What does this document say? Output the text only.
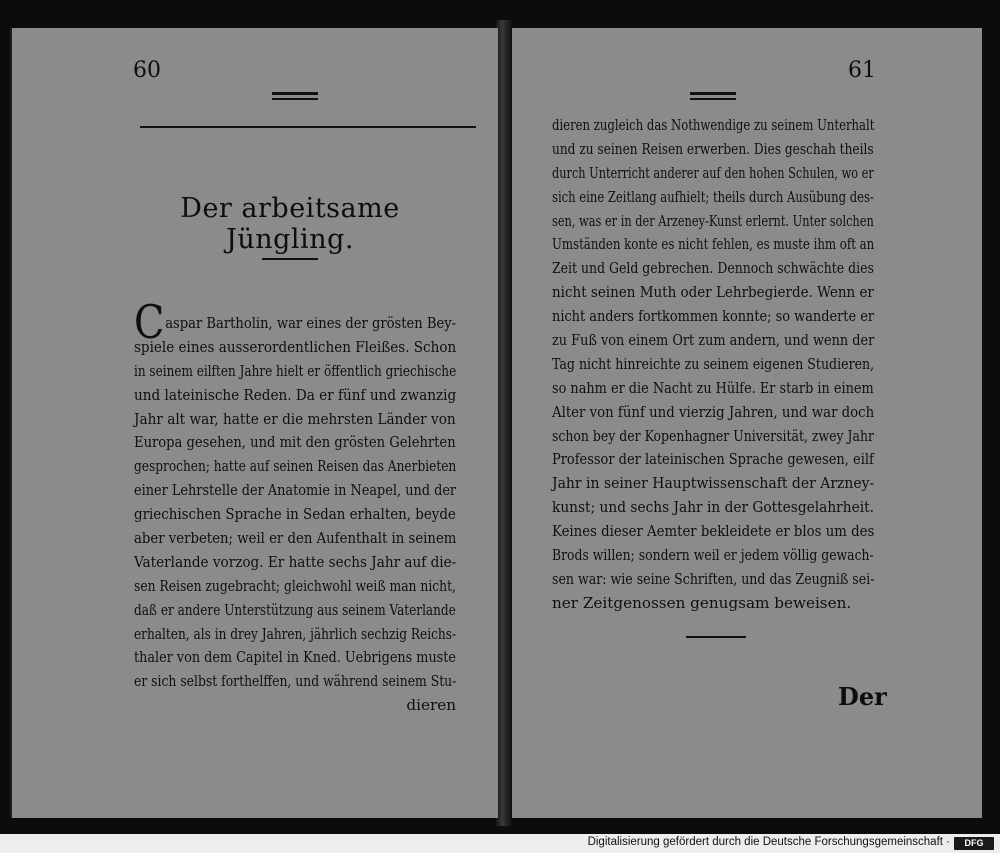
60
Der arbeitsame Jüngling.
C aspar Bartholin, war eines der grösten Bey-
spiele eines ausserordentlichen Fleißes. Schon
in seinem eilften Jahre hielt er öffentlich griechische
und lateinische Reden. Da er fünf und zwanzig
Jahr alt war, hatte er die mehrsten Länder von
Europa gesehen, und mit den grösten Gelehrten
gesprochen; hatte auf seinen Reisen das Anerbieten
einer Lehrstelle der Anatomie in Neapel, und der
griechischen Sprache in Sedan erhalten, beyde
aber verbeten; weil er den Aufenthalt in seinem
Vaterlande vorzog. Er hatte sechs Jahr auf die-
sen Reisen zugebracht; gleichwohl weiß man nicht,
daß er andere Unterstützung aus seinem Vaterlande
erhalten, als in drey Jahren, jährlich sechzig Reichs-
thaler von dem Capitel in Kned. Uebrigens muste
er sich selbst forthelffen, und während seinem Stu-
dieren
61
dieren zugleich das Nothwendige zu seinem Unterhalt
und zu seinen Reisen erwerben. Dies geschah theils
durch Unterricht anderer auf den hohen Schulen, wo er
sich eine Zeitlang aufhielt; theils durch Ausübung des-
sen, was er in der Arzeney-Kunst erlernt. Unter solchen
Umständen konte es nicht fehlen, es muste ihm oft an
Zeit und Geld gebrechen. Dennoch schwächte dies
nicht seinen Muth oder Lehrbegierde. Wenn er
nicht anders fortkommen konnte; so wanderte er
zu Fuß von einem Ort zum andern, und wenn der
Tag nicht hinreichte zu seinem eigenen Studieren,
so nahm er die Nacht zu Hülfe. Er starb in einem
Alter von fünf und vierzig Jahren, und war doch
schon bey der Kopenhagner Universität, zwey Jahr
Professor der lateinischen Sprache gewesen, eilf
Jahr in seiner Hauptwissenschaft der Arzney-
kunst; und sechs Jahr in der Gottesgelahrheit.
Keines dieser Aemter bekleidete er blos um des
Brods willen; sondern weil er jedem völlig gewach-
sen war: wie seine Schriften, und das Zeugniß sei-
ner Zeitgenossen genugsam beweisen.
Der
Digitalisierung gefördert durch die Deutsche Forschungsgemeinschaft ·	DFG
